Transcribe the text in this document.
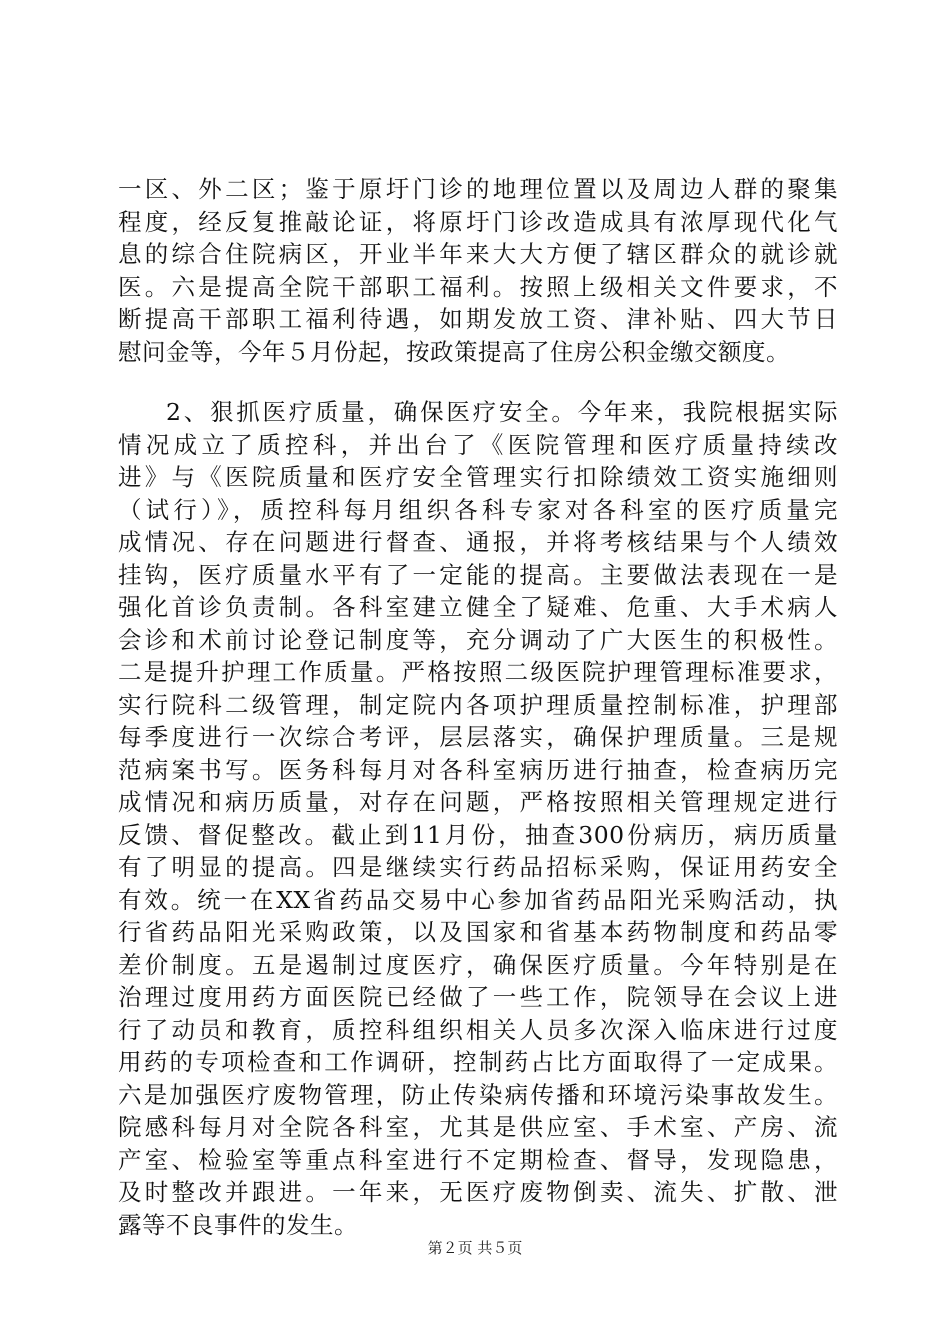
一区、外二区；鉴于原圩门诊的地理位置以及周边人群的聚集
程度，经反复推敲论证，将原圩门诊改造成具有浓厚现代化气
息的综合住院病区，开业半年来大大方便了辖区群众的就诊就
医。六是提高全院干部职工福利。按照上级相关文件要求，不
断提高干部职工福利待遇，如期发放工资、津补贴、四大节日
慰问金等，今年５月份起，按政策提高了住房公积金缴交额度。
2、狠抓医疗质量，确保医疗安全。今年来，我院根据实际
情况成立了质控科，并出台了《医院管理和医疗质量持续改
进》与《医院质量和医疗安全管理实行扣除绩效工资实施细则
（试行）》，质控科每月组织各科专家对各科室的医疗质量完
成情况、存在问题进行督查、通报，并将考核结果与个人绩效
挂钩，医疗质量水平有了一定能的提高。主要做法表现在一是
强化首诊负责制。各科室建立健全了疑难、危重、大手术病人
会诊和术前讨论登记制度等，充分调动了广大医生的积极性。
二是提升护理工作质量。严格按照二级医院护理管理标准要求，
实行院科二级管理，制定院内各项护理质量控制标准，护理部
每季度进行一次综合考评，层层落实，确保护理质量。三是规
范病案书写。医务科每月对各科室病历进行抽查，检查病历完
成情况和病历质量，对存在问题，严格按照相关管理规定进行
反馈、督促整改。截止到11月份，抽查300份病历，病历质量
有了明显的提高。四是继续实行药品招标采购，保证用药安全
有效。统一在XX省药品交易中心参加省药品阳光采购活动，执
行省药品阳光采购政策，以及国家和省基本药物制度和药品零
差价制度。五是遏制过度医疗，确保医疗质量。今年特别是在
治理过度用药方面医院已经做了一些工作，院领导在会议上进
行了动员和教育，质控科组织相关人员多次深入临床进行过度
用药的专项检查和工作调研，控制药占比方面取得了一定成果。
六是加强医疗废物管理，防止传染病传播和环境污染事故发生。
院感科每月对全院各科室，尤其是供应室、手术室、产房、流
产室、检验室等重点科室进行不定期检查、督导，发现隐患，
及时整改并跟进。一年来，无医疗废物倒卖、流失、扩散、泄
露等不良事件的发生。
第２页 共５页
